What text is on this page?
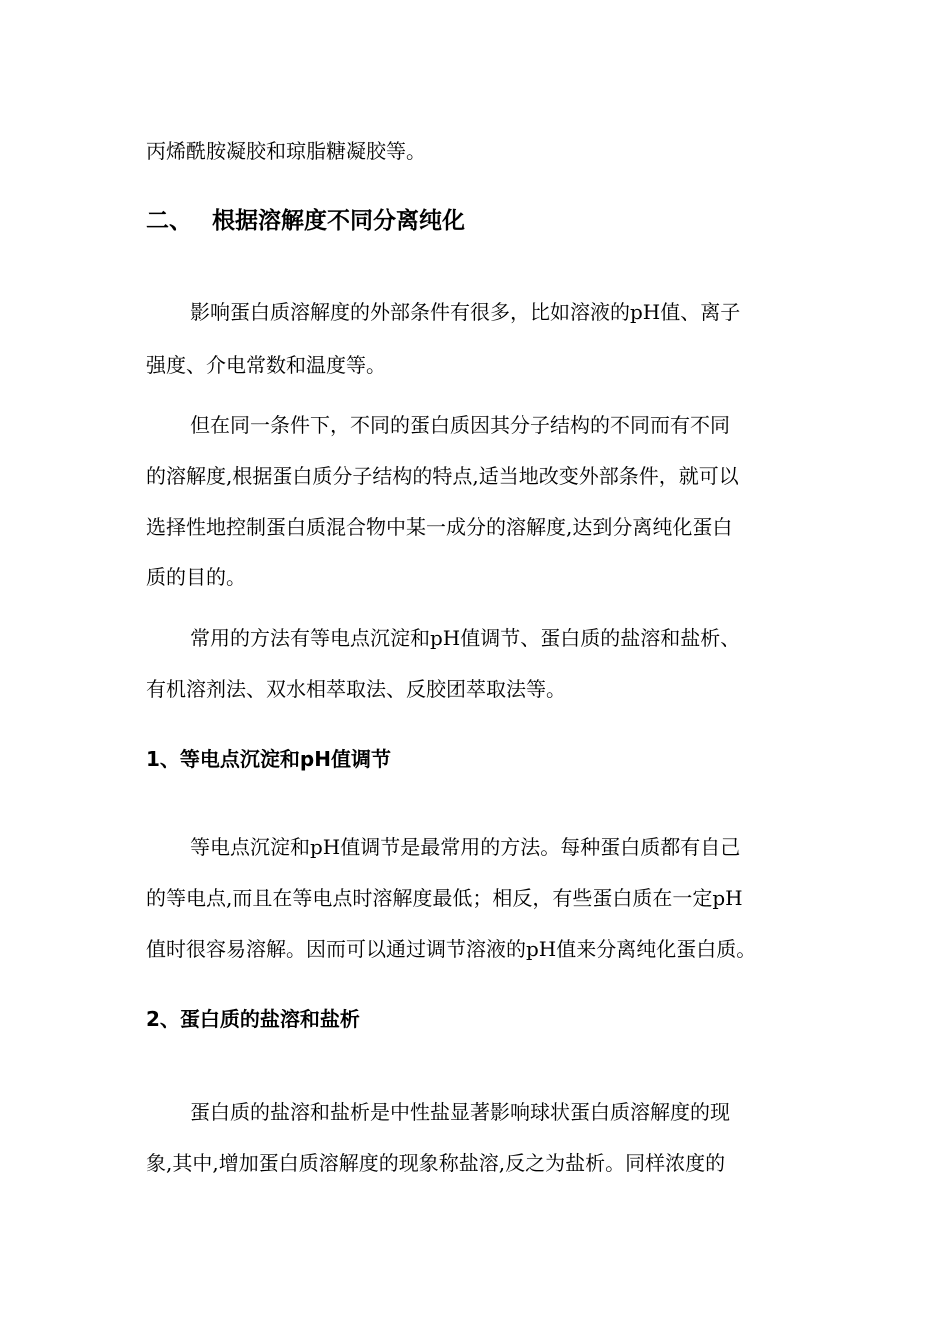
丙烯酰胺凝胶和琼脂糖凝胶等。
二、 根据溶解度不同分离纯化
影响蛋白质溶解度的外部条件有很多，比如溶液的pH值、离子
强度、介电常数和温度等。
但在同一条件下，不同的蛋白质因其分子结构的不同而有不同
的溶解度,根据蛋白质分子结构的特点,适当地改变外部条件，就可以
选择性地控制蛋白质混合物中某一成分的溶解度,达到分离纯化蛋白
质的目的。
常用的方法有等电点沉淀和pH值调节、蛋白质的盐溶和盐析、
有机溶剂法、双水相萃取法、反胶团萃取法等。
1、等电点沉淀和pH值调节
等电点沉淀和pH值调节是最常用的方法。每种蛋白质都有自己
的等电点,而且在等电点时溶解度最低；相反，有些蛋白质在一定pH
值时很容易溶解。因而可以通过调节溶液的pH值来分离纯化蛋白质。
2、蛋白质的盐溶和盐析
蛋白质的盐溶和盐析是中性盐显著影响球状蛋白质溶解度的现
象,其中,增加蛋白质溶解度的现象称盐溶,反之为盐析。同样浓度的
